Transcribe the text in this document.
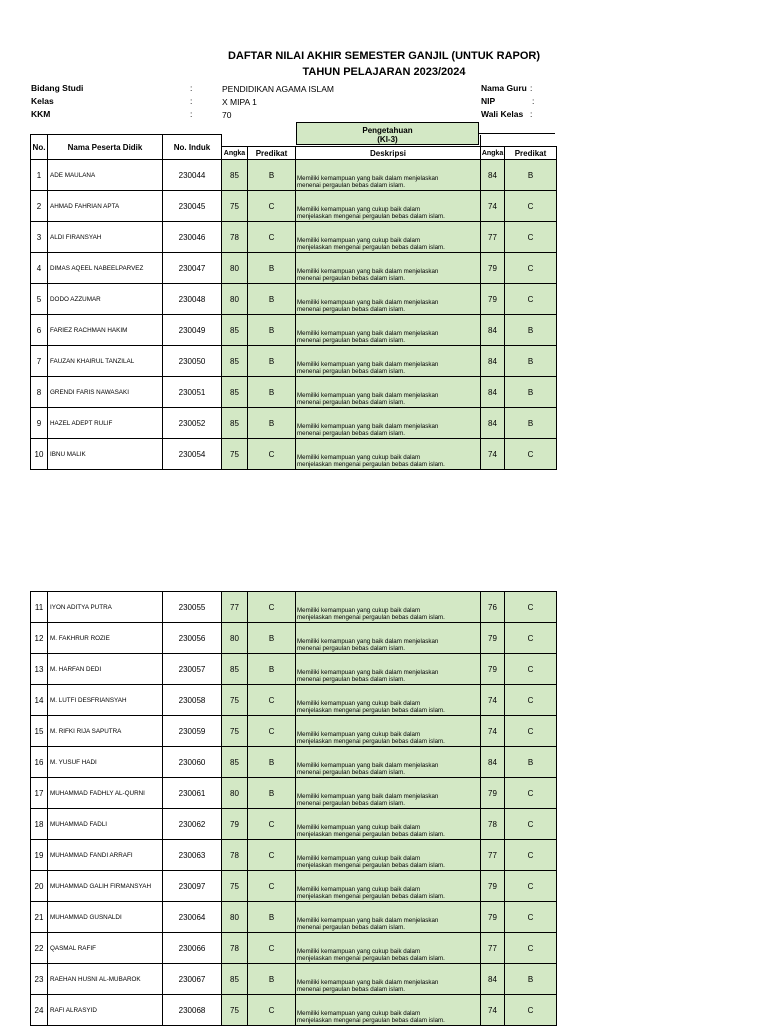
DAFTAR NILAI AKHIR SEMESTER GANJIL (UNTUK RAPOR)
TAHUN PELAJARAN 2023/2024
Bidang Studi	:	PENDIDIKAN AGAMA ISLAM
Kelas	:	X MIPA 1
KKM	:	70
Nama Guru :
NIP	:
Wali Kelas :
Pengetahuan
(KI-3)
No.	Nama Peserta Didik	No. Induk					
			Angka	Predikat	Deskripsi	Angka	Predikat
1	ADE MAULANA	230044	85	B	Memiliki kemampuan yang baik dalam menjelaskan
menenai pergaulan bebas dalam islam.	84	B
2	AHMAD FAHRIAN APTA	230045	75	C	Memiliki kemampuan yang cukup baik dalam
menjelaskan mengenai pergaulan bebas dalam islam.	74	C
3	ALDI FIRANSYAH	230046	78	C	Memiliki kemampuan yang cukup baik dalam
menjelaskan mengenai pergaulan bebas dalam islam.	77	C
4	DIMAS AQEEL NABEELPARVEZ	230047	80	B	Memiliki kemampuan yang baik dalam menjelaskan
menenai pergaulan bebas dalam islam.	79	C
5	DODO AZZUMAR	230048	80	B	Memiliki kemampuan yang baik dalam menjelaskan
menenai pergaulan bebas dalam islam.	79	C
6	FARIEZ RACHMAN HAKIM	230049	85	B	Memiliki kemampuan yang baik dalam menjelaskan
menenai pergaulan bebas dalam islam.	84	B
7	FAUZAN KHAIRUL TANZILAL	230050	85	B	Memiliki kemampuan yang baik dalam menjelaskan
menenai pergaulan bebas dalam islam.	84	B
8	GRENDI FARIS NAWASAKI	230051	85	B	Memiliki kemampuan yang baik dalam menjelaskan
menenai pergaulan bebas dalam islam.	84	B
9	HAZEL ADEPT RULIF	230052	85	B	Memiliki kemampuan yang baik dalam menjelaskan
menenai pergaulan bebas dalam islam.	84	B
10	IBNU MALIK	230054	75	C	Memiliki kemampuan yang cukup baik dalam
menjelaskan mengenai pergaulan bebas dalam islam.	74	C
11	IYON ADITYA PUTRA	230055	77	C	Memiliki kemampuan yang cukup baik dalam
menjelaskan mengenai pergaulan bebas dalam islam.	76	C
12	M. FAKHRUR ROZIE	230056	80	B	Memiliki kemampuan yang baik dalam menjelaskan
menenai pergaulan bebas dalam islam.	79	C
13	M. HARFAN DEDI	230057	85	B	Memiliki kemampuan yang baik dalam menjelaskan
menenai pergaulan bebas dalam islam.	79	C
14	M. LUTFI DESFRIANSYAH	230058	75	C	Memiliki kemampuan yang cukup baik dalam
menjelaskan mengenai pergaulan bebas dalam islam.	74	C
15	M. RIFKI RIJA SAPUTRA	230059	75	C	Memiliki kemampuan yang cukup baik dalam
menjelaskan mengenai pergaulan bebas dalam islam.	74	C
16	M. YUSUF HADI	230060	85	B	Memiliki kemampuan yang baik dalam menjelaskan
menenai pergaulan bebas dalam islam.	84	B
17	MUHAMMAD FADHLY AL-QURNI	230061	80	B	Memiliki kemampuan yang baik dalam menjelaskan
menenai pergaulan bebas dalam islam.	79	C
18	MUHAMMAD FADLI	230062	79	C	Memiliki kemampuan yang cukup baik dalam
menjelaskan mengenai pergaulan bebas dalam islam.	78	C
19	MUHAMMAD FANDI ARRAFI	230063	78	C	Memiliki kemampuan yang cukup baik dalam
menjelaskan mengenai pergaulan bebas dalam islam.	77	C
20	MUHAMMAD GALIH FIRMANSYAH	230097	75	C	Memiliki kemampuan yang cukup baik dalam
menjelaskan mengenai pergaulan bebas dalam islam.	79	C
21	MUHAMMAD GUSNALDI	230064	80	B	Memiliki kemampuan yang baik dalam menjelaskan
menenai pergaulan bebas dalam islam.	79	C
22	QASMAL RAFIF	230066	78	C	Memiliki kemampuan yang cukup baik dalam
menjelaskan mengenai pergaulan bebas dalam islam.	77	C
23	RAEHAN HUSNI AL-MUBAROK	230067	85	B	Memiliki kemampuan yang baik dalam menjelaskan
menenai pergaulan bebas dalam islam.	84	B
24	RAFI ALRASYID	230068	75	C	Memiliki kemampuan yang cukup baik dalam
menjelaskan mengenai pergaulan bebas dalam islam.	74	C
